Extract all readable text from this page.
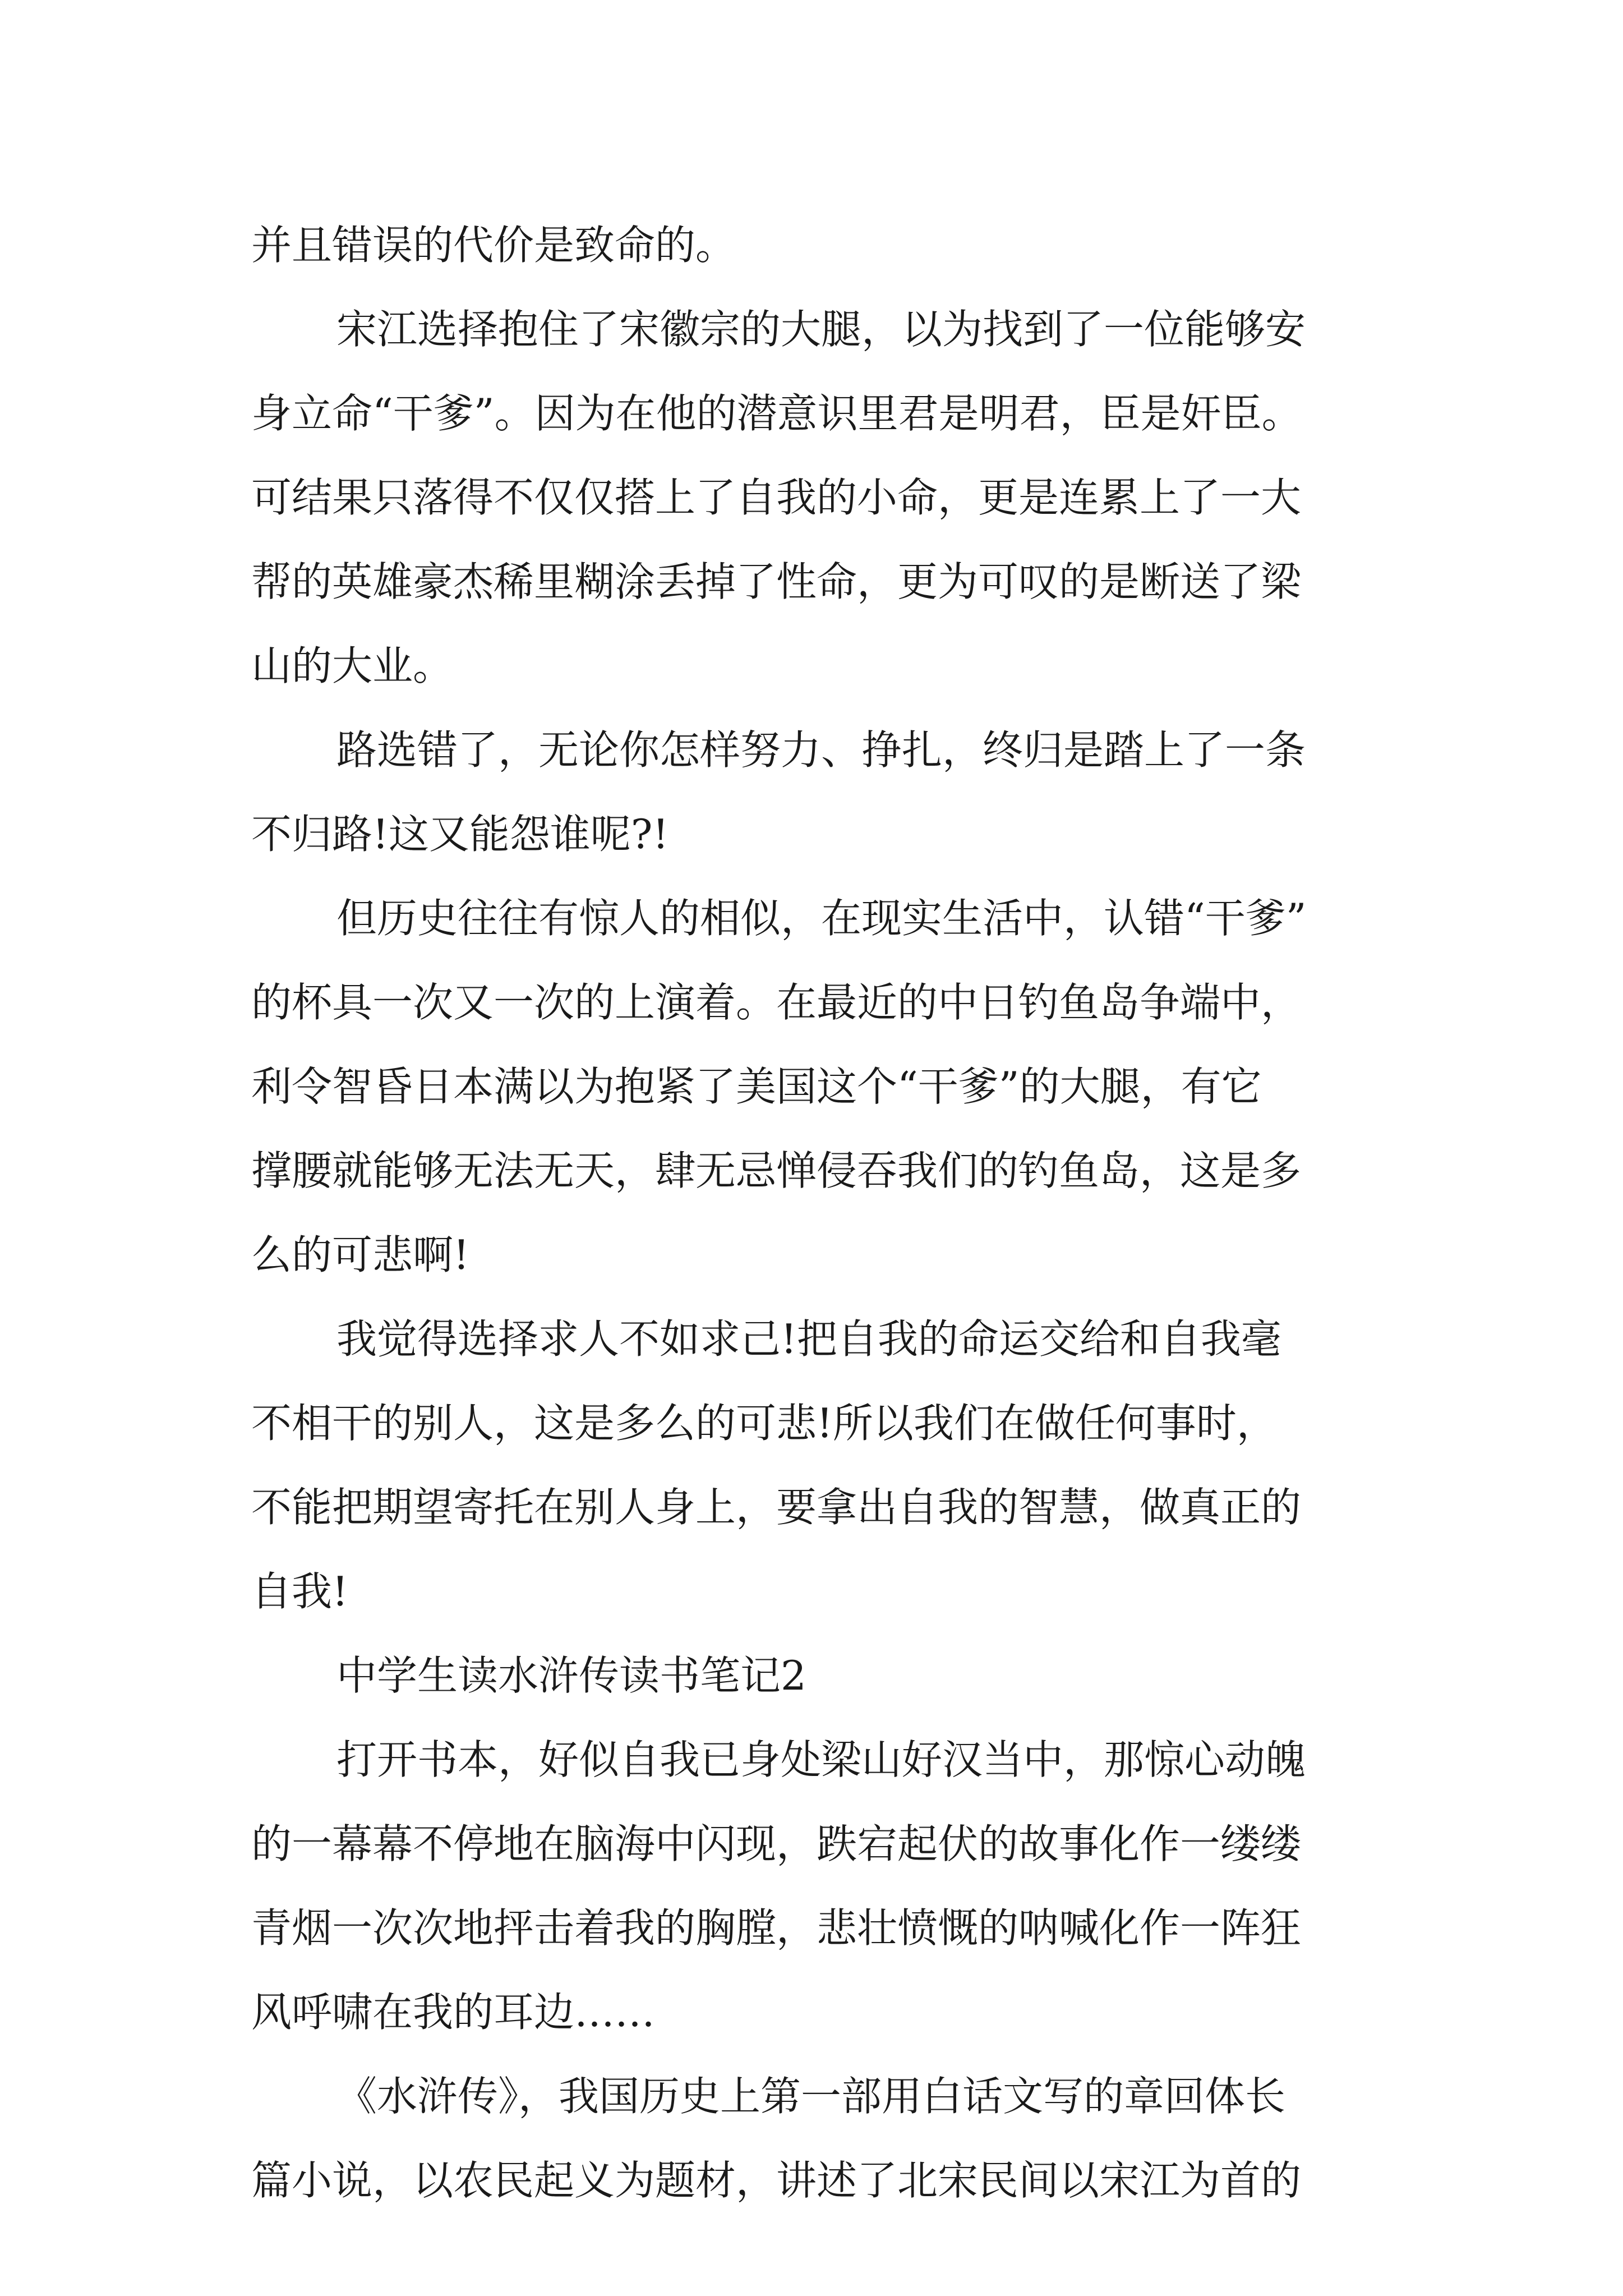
并且错误的代价是致命的。
宋江选择抱住了宋徽宗的大腿，以为找到了一位能够安
身立命“干爹”。因为在他的潜意识里君是明君，臣是奸臣。
可结果只落得不仅仅搭上了自我的小命，更是连累上了一大
帮的英雄豪杰稀里糊涂丢掉了性命，更为可叹的是断送了梁
山的大业。
路选错了，无论你怎样努力、挣扎，终归是踏上了一条
不归路!这又能怨谁呢?!
但历史往往有惊人的相似，在现实生活中，认错“干爹”
的杯具一次又一次的上演着。在最近的中日钓鱼岛争端中，
利令智昏日本满以为抱紧了美国这个“干爹”的大腿，有它
撑腰就能够无法无天，肆无忌惮侵吞我们的钓鱼岛，这是多
么的可悲啊!
我觉得选择求人不如求己!把自我的命运交给和自我毫
不相干的别人，这是多么的可悲!所以我们在做任何事时，
不能把期望寄托在别人身上，要拿出自我的智慧，做真正的
自我!
中学生读水浒传读书笔记2
打开书本，好似自我已身处梁山好汉当中，那惊心动魄
的一幕幕不停地在脑海中闪现，跌宕起伏的故事化作一缕缕
青烟一次次地抨击着我的胸膛，悲壮愤慨的呐喊化作一阵狂
风呼啸在我的耳边……
《水浒传》，我国历史上第一部用白话文写的章回体长
篇小说，以农民起义为题材，讲述了北宋民间以宋江为首的
